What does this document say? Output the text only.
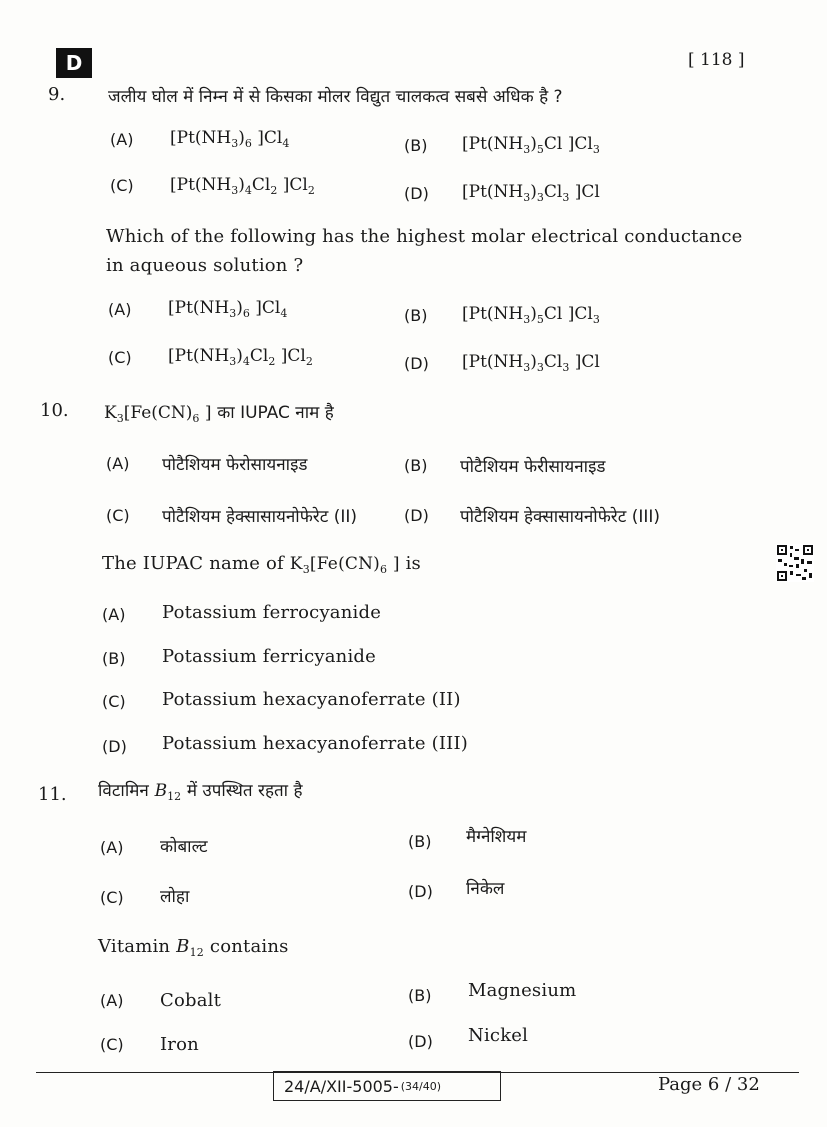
D	[ 118 ]
9.	जलीय घोल में निम्न में से किसका मोलर विद्युत चालकत्व सबसे अधिक है ?
(A) [$Pt(NH_3)_6$ ]$Cl_4$	(B) [$Pt(NH_3)_5Cl$ ]$Cl_3$
(C) [$Pt(NH_3)_4Cl_2$ ]$Cl_2$	(D) [$Pt(NH_3)_3Cl_3$ ]Cl
Which of the following has the highest molar electrical conductance
in aqueous solution ?
(A) [$Pt(NH_3)_6$ ]$Cl_4$	(B) [$Pt(NH_3)_5Cl$ ]$Cl_3$
(C) [$Pt(NH_3)_4Cl_2$ ]$Cl_2$	(D) [$Pt(NH_3)_3Cl_3$ ]Cl
10. $K_3[Fe(CN)_6$ ] का IUPAC नाम है
(A) पोटैशियम फेरोसायनाइड	(B) पोटैशियम फेरीसायनाइड
(C) पोटैशियम हेक्सासायनोफेरेट (II)	(D) पोटैशियम हेक्सासायनोफेरेट (III)
The IUPAC name of $K_3[Fe(CN)_6$ ] is
(A) Potassium ferrocyanide
(B) Potassium ferricyanide
(C) Potassium hexacyanoferrate (II)
(D) Potassium hexacyanoferrate (III)
11. विटामिन $B_{12}$ में उपस्थित रहता है
(A) कोबाल्ट	(B) मैग्नेशियम
(C) लोहा	(D) निकेल
Vitamin $B_{12}$ contains
(A) Cobalt	(B) Magnesium
(C) Iron	(D) Nickel
24/A/XII-5005- (34/40)	Page 6 / 32
